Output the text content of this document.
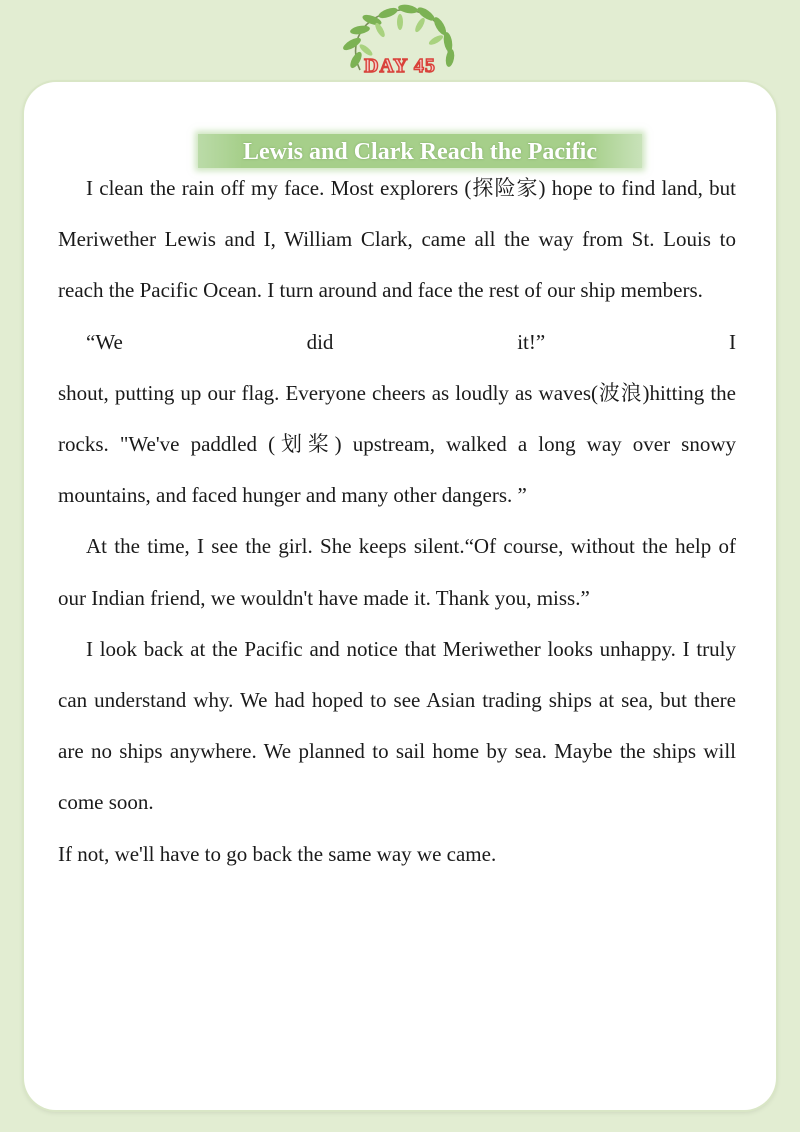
DAY 45
Lewis and Clark Reach the Pacific

I clean the rain off my face. Most explorers (探险家) hope to find land, but Meriwether Lewis and I, William Clark, came all the way from St. Louis to reach the Pacific Ocean. I turn around and face the rest of our ship members.

“We did it!” I

shout, putting up our flag. Everyone cheers as loudly as waves(波浪)hitting the rocks. "We've paddled (划桨) upstream, walked a long way over snowy mountains, and faced hunger and many other dangers. ”

At the time, I see the girl. She keeps silent.“Of course, without the help of our Indian friend, we wouldn't have made it. Thank you, miss.”

I look back at the Pacific and notice that Meriwether looks unhappy. I truly can understand why. We had hoped to see Asian trading ships at sea, but there are no ships anywhere. We planned to sail home by sea. Maybe the ships will come soon.

If not, we'll have to go back the same way we came.
